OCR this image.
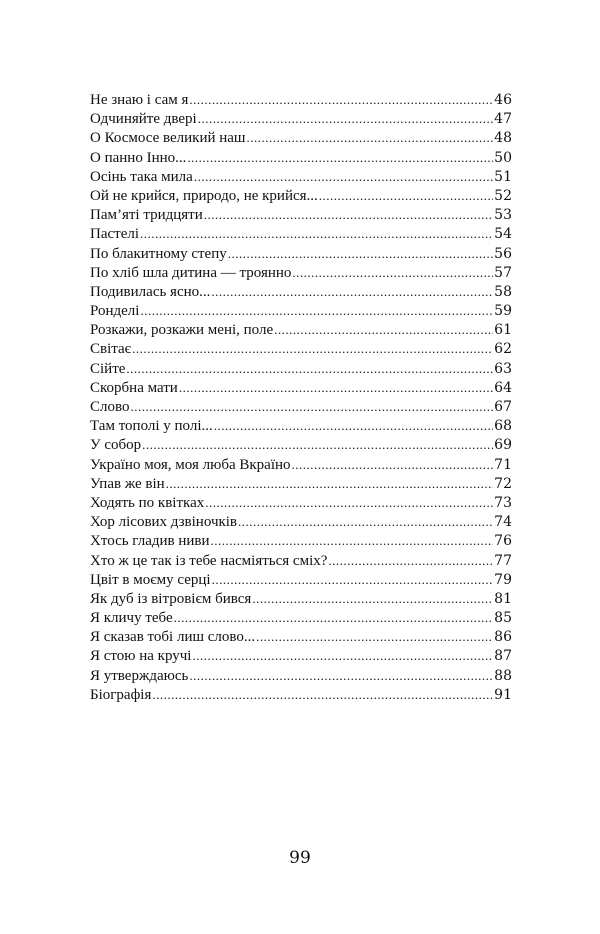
Не знаю і сам я .....	46
Одчиняйте двері .....	47
О Космосе великий наш .....	48
О панно Інно... .....	50
Осінь така мила .....	51
Ой не крийся, природо, не крийся... .....	52
Пам’яті тридцяти .....	53
Пастелі .....	54
По блакитному степу .....	56
По хліб шла дитина — троянно .....	57
Подивилась ясно... .....	58
Ронделі .....	59
Розкажи, розкажи мені, поле .....	61
Світає .....	62
Сійте .....	63
Скорбна мати .....	64
Слово .....	67
Там тополі у полі... .....	68
У собор .....	69
Україно моя, моя люба Вкраїно .....	71
Упав же він .....	72
Ходять по квітках .....	73
Хор лісових дзвіночків .....	74
Хтось гладив ниви .....	76
Хто ж це так із тебе насміяться сміх? .....	77
Цвіт в моєму серці .....	79
Як дуб із вітровієм бився .....	81
Я кличу тебе .....	85
Я сказав тобі лиш слово... .....	86
Я стою на кручі .....	87
Я утверждаюсь .....	88
Біографія .....	91
99
